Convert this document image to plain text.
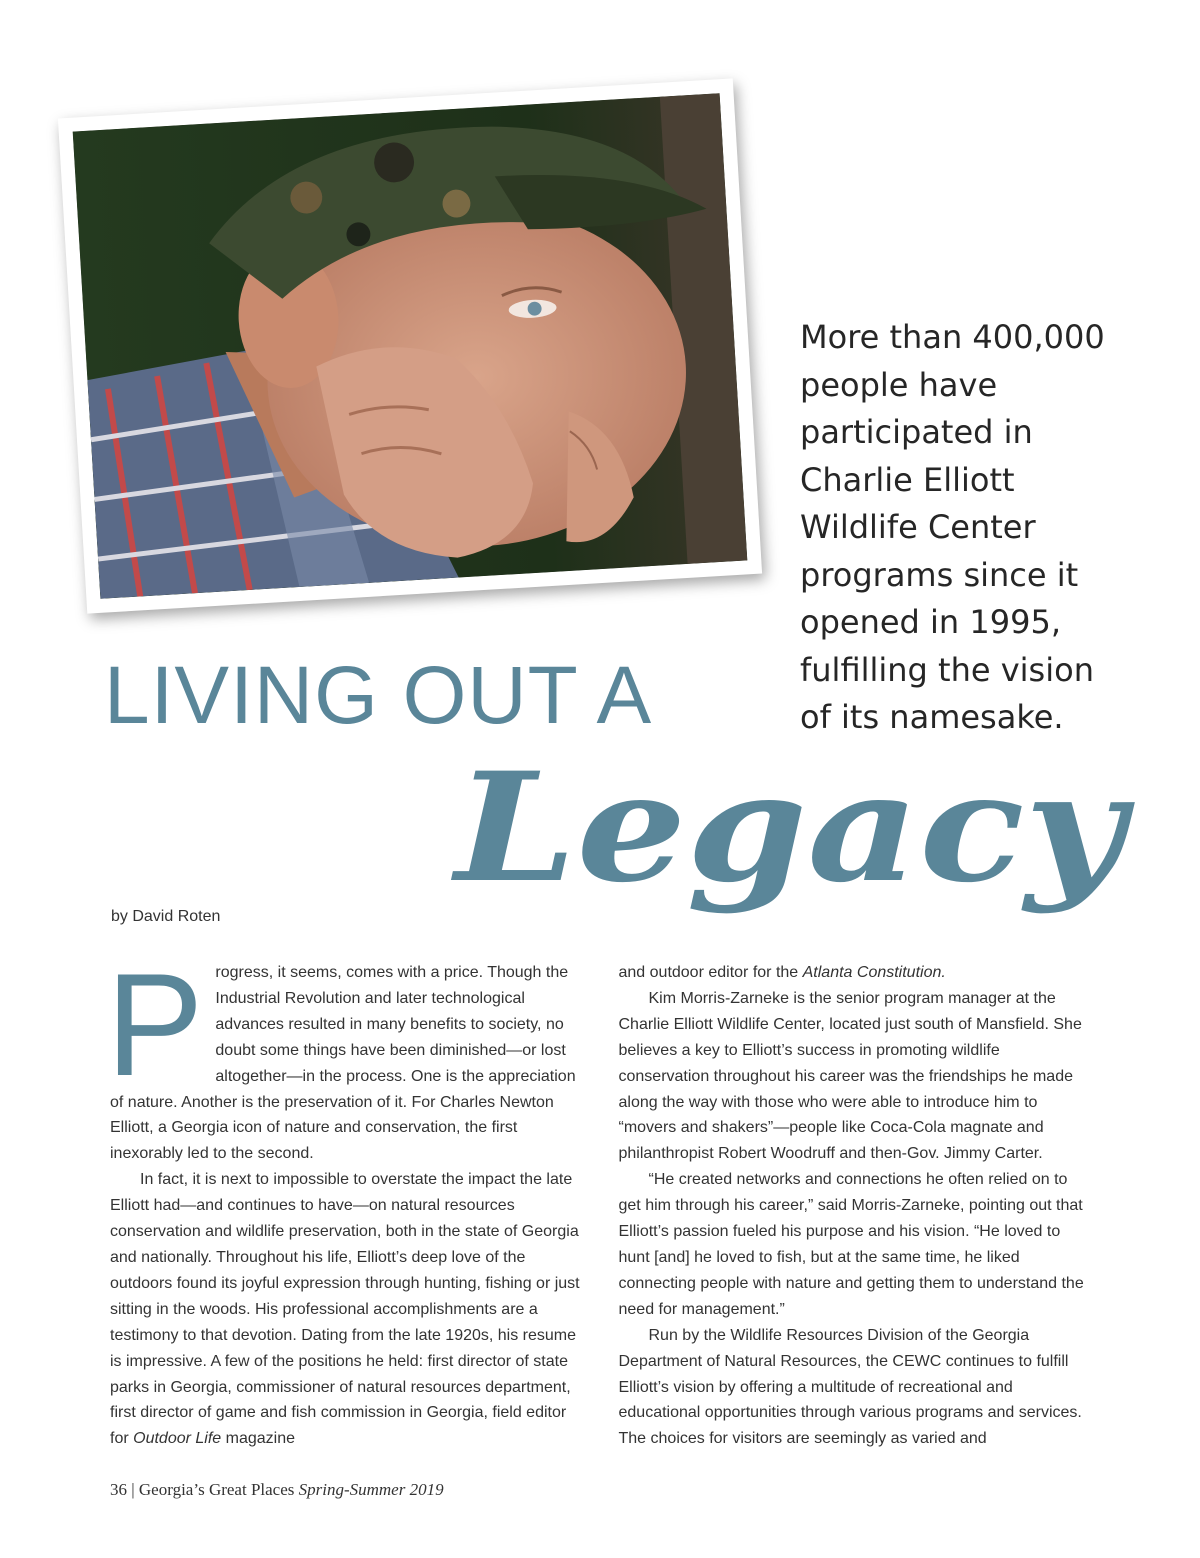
More than 400,000 people have participated in Charlie Elliott Wildlife Center programs since it opened in 1995, fulfilling the vision of its namesake.

LIVING OUT A
Legacy

by David Roten

P rogress, it seems, comes with a price. Though the Industrial Revolution and later technological advances resulted in many benefits to society, no doubt some things have been diminished—or lost altogether—in the process. One is the appreciation of nature. Another is the preservation of it. For Charles Newton Elliott, a Georgia icon of nature and conservation, the first inexorably led to the second.

In fact, it is next to impossible to overstate the impact the late Elliott had—and continues to have—on natural resources conservation and wildlife preservation, both in the state of Georgia and nationally. Throughout his life, Elliott’s deep love of the outdoors found its joyful expression through hunting, fishing or just sitting in the woods. His professional accomplishments are a testimony to that devotion. Dating from the late 1920s, his resume is impressive. A few of the positions he held: first director of state parks in Georgia, commissioner of natural resources department, first director of game and fish commission in Georgia, field editor for Outdoor Life magazine

and outdoor editor for the Atlanta Constitution.

Kim Morris-Zarneke is the senior program manager at the Charlie Elliott Wildlife Center, located just south of Mansfield. She believes a key to Elliott’s success in promoting wildlife conservation throughout his career was the friendships he made along the way with those who were able to introduce him to “movers and shakers”—people like Coca-Cola magnate and philanthropist Robert Woodruff and then-Gov. Jimmy Carter.

“He created networks and connections he often relied on to get him through his career,” said Morris-Zarneke, pointing out that Elliott’s passion fueled his purpose and his vision. “He loved to hunt [and] he loved to fish, but at the same time, he liked connecting people with nature and getting them to understand the need for management.”

Run by the Wildlife Resources Division of the Georgia Department of Natural Resources, the CEWC continues to fulfill Elliott’s vision by offering a multitude of recreational and educational opportunities through various programs and services. The choices for visitors are seemingly as varied and

36 | Georgia’s Great Places Spring-Summer 2019
